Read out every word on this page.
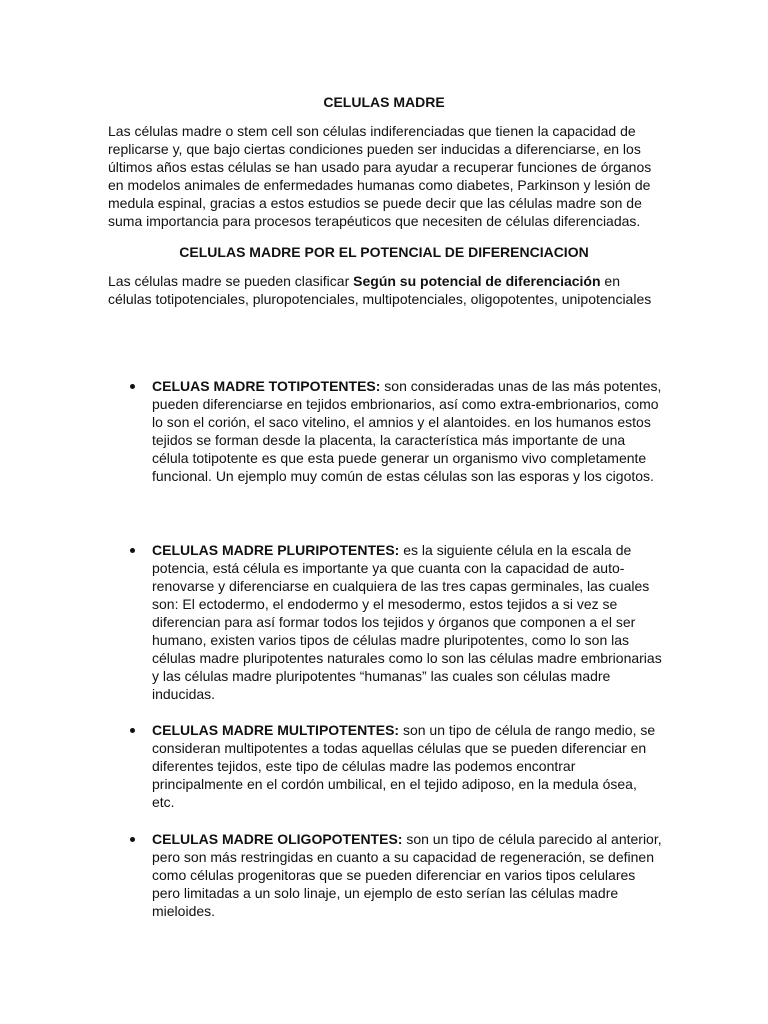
CELULAS MADRE

Las células madre o stem cell son células indiferenciadas que tienen la capacidad de replicarse y, que bajo ciertas condiciones pueden ser inducidas a diferenciarse, en los últimos años estas células se han usado para ayudar a recuperar funciones de órganos en modelos animales de enfermedades humanas como diabetes, Parkinson y lesión de medula espinal, gracias a estos estudios se puede decir que las células madre son de suma importancia para procesos terapéuticos que necesiten de células diferenciadas.

CELULAS MADRE POR EL POTENCIAL DE DIFERENCIACION

Las células madre se pueden clasificar Según su potencial de diferenciación en células totipotenciales, pluropotenciales, multipotenciales, oligopotentes, unipotenciales

CELUAS MADRE TOTIPOTENTES: son consideradas unas de las más potentes, pueden diferenciarse en tejidos embrionarios, así como extra-embrionarios, como lo son el corión, el saco vitelino, el amnios y el alantoides. en los humanos estos tejidos se forman desde la placenta, la característica más importante de una célula totipotente es que esta puede generar un organismo vivo completamente funcional. Un ejemplo muy común de estas células son las esporas y los cigotos.
CELULAS MADRE PLURIPOTENTES: es la siguiente célula en la escala de potencia, está célula es importante ya que cuanta con la capacidad de auto-renovarse y diferenciarse en cualquiera de las tres capas germinales, las cuales son: El ectodermo, el endodermo y el mesodermo, estos tejidos a si vez se diferencian para así formar todos los tejidos y órganos que componen a el ser humano, existen varios tipos de células madre pluripotentes, como lo son las células madre pluripotentes naturales como lo son las células madre embrionarias y las células madre pluripotentes “humanas” las cuales son células madre inducidas.
CELULAS MADRE MULTIPOTENTES: son un tipo de célula de rango medio, se consideran multipotentes a todas aquellas células que se pueden diferenciar en diferentes tejidos, este tipo de células madre las podemos encontrar principalmente en el cordón umbilical, en el tejido adiposo, en la medula ósea, etc.
CELULAS MADRE OLIGOPOTENTES: son un tipo de célula parecido al anterior, pero son más restringidas en cuanto a su capacidad de regeneración, se definen como células progenitoras que se pueden diferenciar en varios tipos celulares pero limitadas a un solo linaje, un ejemplo de esto serían las células madre mieloides.
